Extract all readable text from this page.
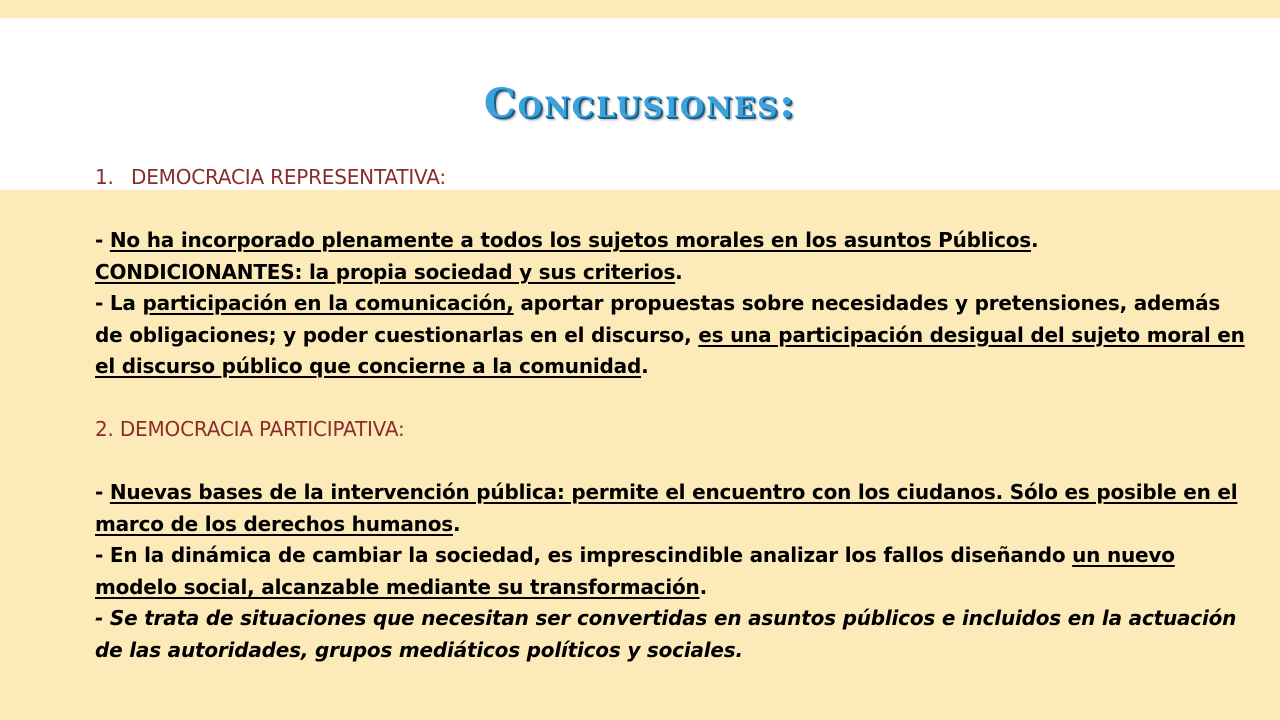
Conclusiones:

1. DEMOCRACIA REPRESENTATIVA:

- No ha incorporado plenamente a todos los sujetos morales en los asuntos Públicos.

CONDICIONANTES: la propia sociedad y sus criterios.

- La participación en la comunicación, aportar propuestas sobre necesidades y pretensiones, además de obligaciones; y poder cuestionarlas en el discurso, es una participación desigual del sujeto moral en el discurso público que concierne a la comunidad.

2. DEMOCRACIA PARTICIPATIVA:

- Nuevas bases de la intervención pública: permite el encuentro con los ciudanos. Sólo es posible en el marco de los derechos humanos.

- En la dinámica de cambiar la sociedad, es imprescindible analizar los fallos diseñando un nuevo modelo social, alcanzable mediante su transformación.

- Se trata de situaciones que necesitan ser convertidas en asuntos públicos e incluidos en la actuación de las autoridades, grupos mediáticos políticos y sociales.
